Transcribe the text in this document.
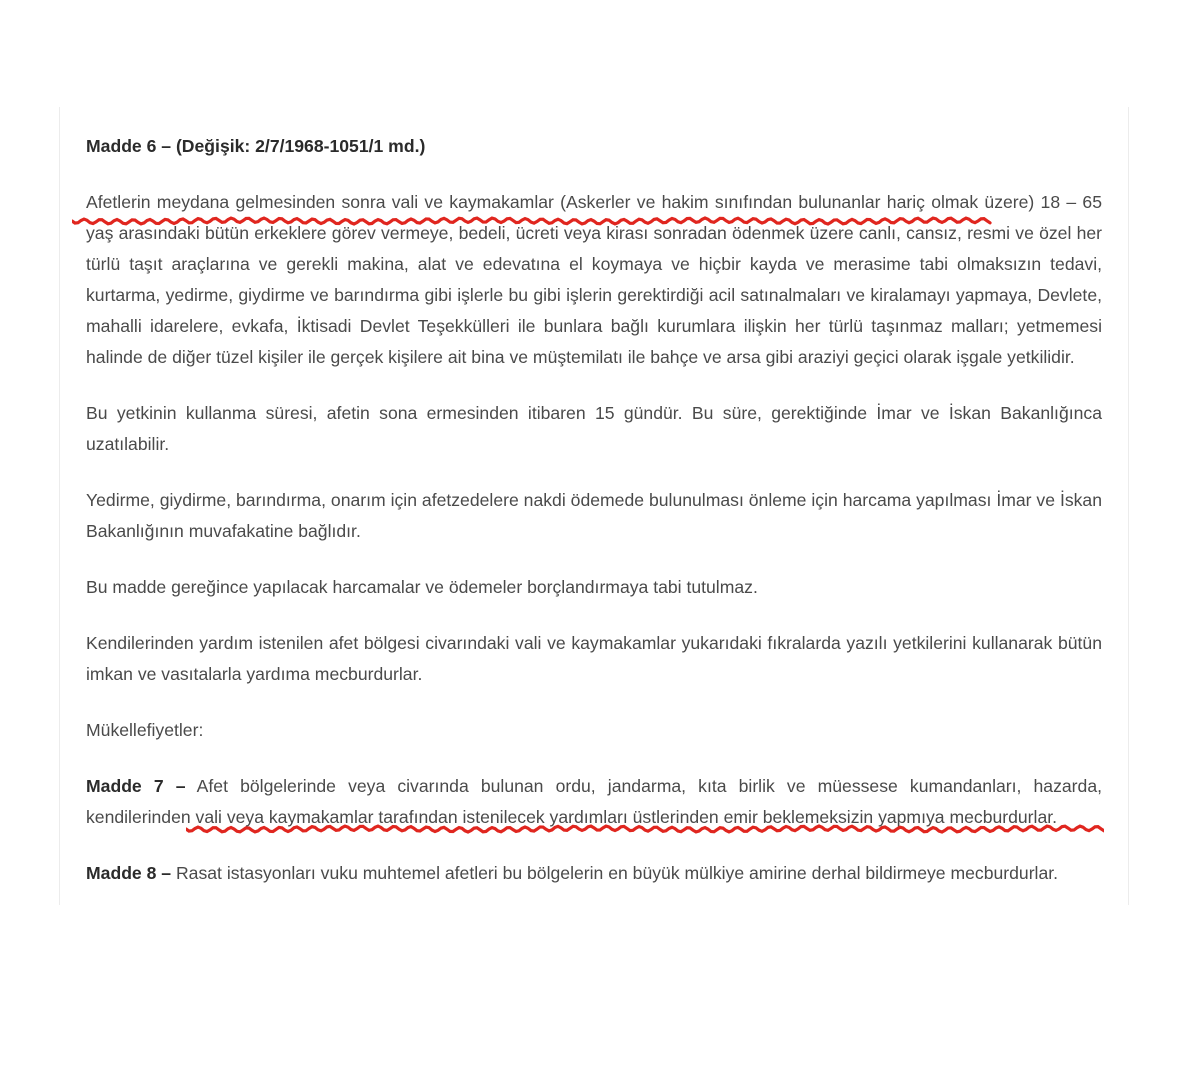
Madde 6 – (Değişik: 2/7/1968-1051/1 md.)

Afetlerin meydana gelmesinden sonra vali ve kaymakamlar (Askerler ve hakim sınıfından bulunanlar hariç olmak üzere) 18 – 65 yaş arasındaki bütün erkeklere görev vermeye, bedeli, ücreti veya kirası sonradan ödenmek üzere canlı, cansız, resmi ve özel her türlü taşıt araçlarına ve gerekli makina, alat ve edevatına el koymaya ve hiçbir kayda ve merasime tabi olmaksızın tedavi, kurtarma, yedirme, giydirme ve barındırma gibi işlerle bu gibi işlerin gerektirdiği acil satınalmaları ve kiralamayı yapmaya, Devlete, mahalli idarelere, evkafa, İktisadi Devlet Teşekkülleri ile bunlara bağlı kurumlara ilişkin her türlü taşınmaz malları; yetmemesi halinde de diğer tüzel kişiler ile gerçek kişilere ait bina ve müştemilatı ile bahçe ve arsa gibi araziyi geçici olarak işgale yetkilidir.

Bu yetkinin kullanma süresi, afetin sona ermesinden itibaren 15 gündür. Bu süre, gerektiğinde İmar ve İskan Bakanlığınca uzatılabilir.

Yedirme, giydirme, barındırma, onarım için afetzedelere nakdi ödemede bulunulması önleme için harcama yapılması İmar ve İskan Bakanlığının muvafakatine bağlıdır.

Bu madde gereğince yapılacak harcamalar ve ödemeler borçlandırmaya tabi tutulmaz.

Kendilerinden yardım istenilen afet bölgesi civarındaki vali ve kaymakamlar yukarıdaki fıkralarda yazılı yetkilerini kullanarak bütün imkan ve vasıtalarla yardıma mecburdurlar.

Mükellefiyetler:

Madde 7 – Afet bölgelerinde veya civarında bulunan ordu, jandarma, kıta birlik ve müessese kumandanları, hazarda, kendilerinden vali veya kaymakamlar tarafından istenilecek yardımları üstlerinden emir beklemeksizin yapmıya mecburdurlar.

Madde 8 – Rasat istasyonları vuku muhtemel afetleri bu bölgelerin en büyük mülkiye amirine derhal bildirmeye mecburdurlar.
